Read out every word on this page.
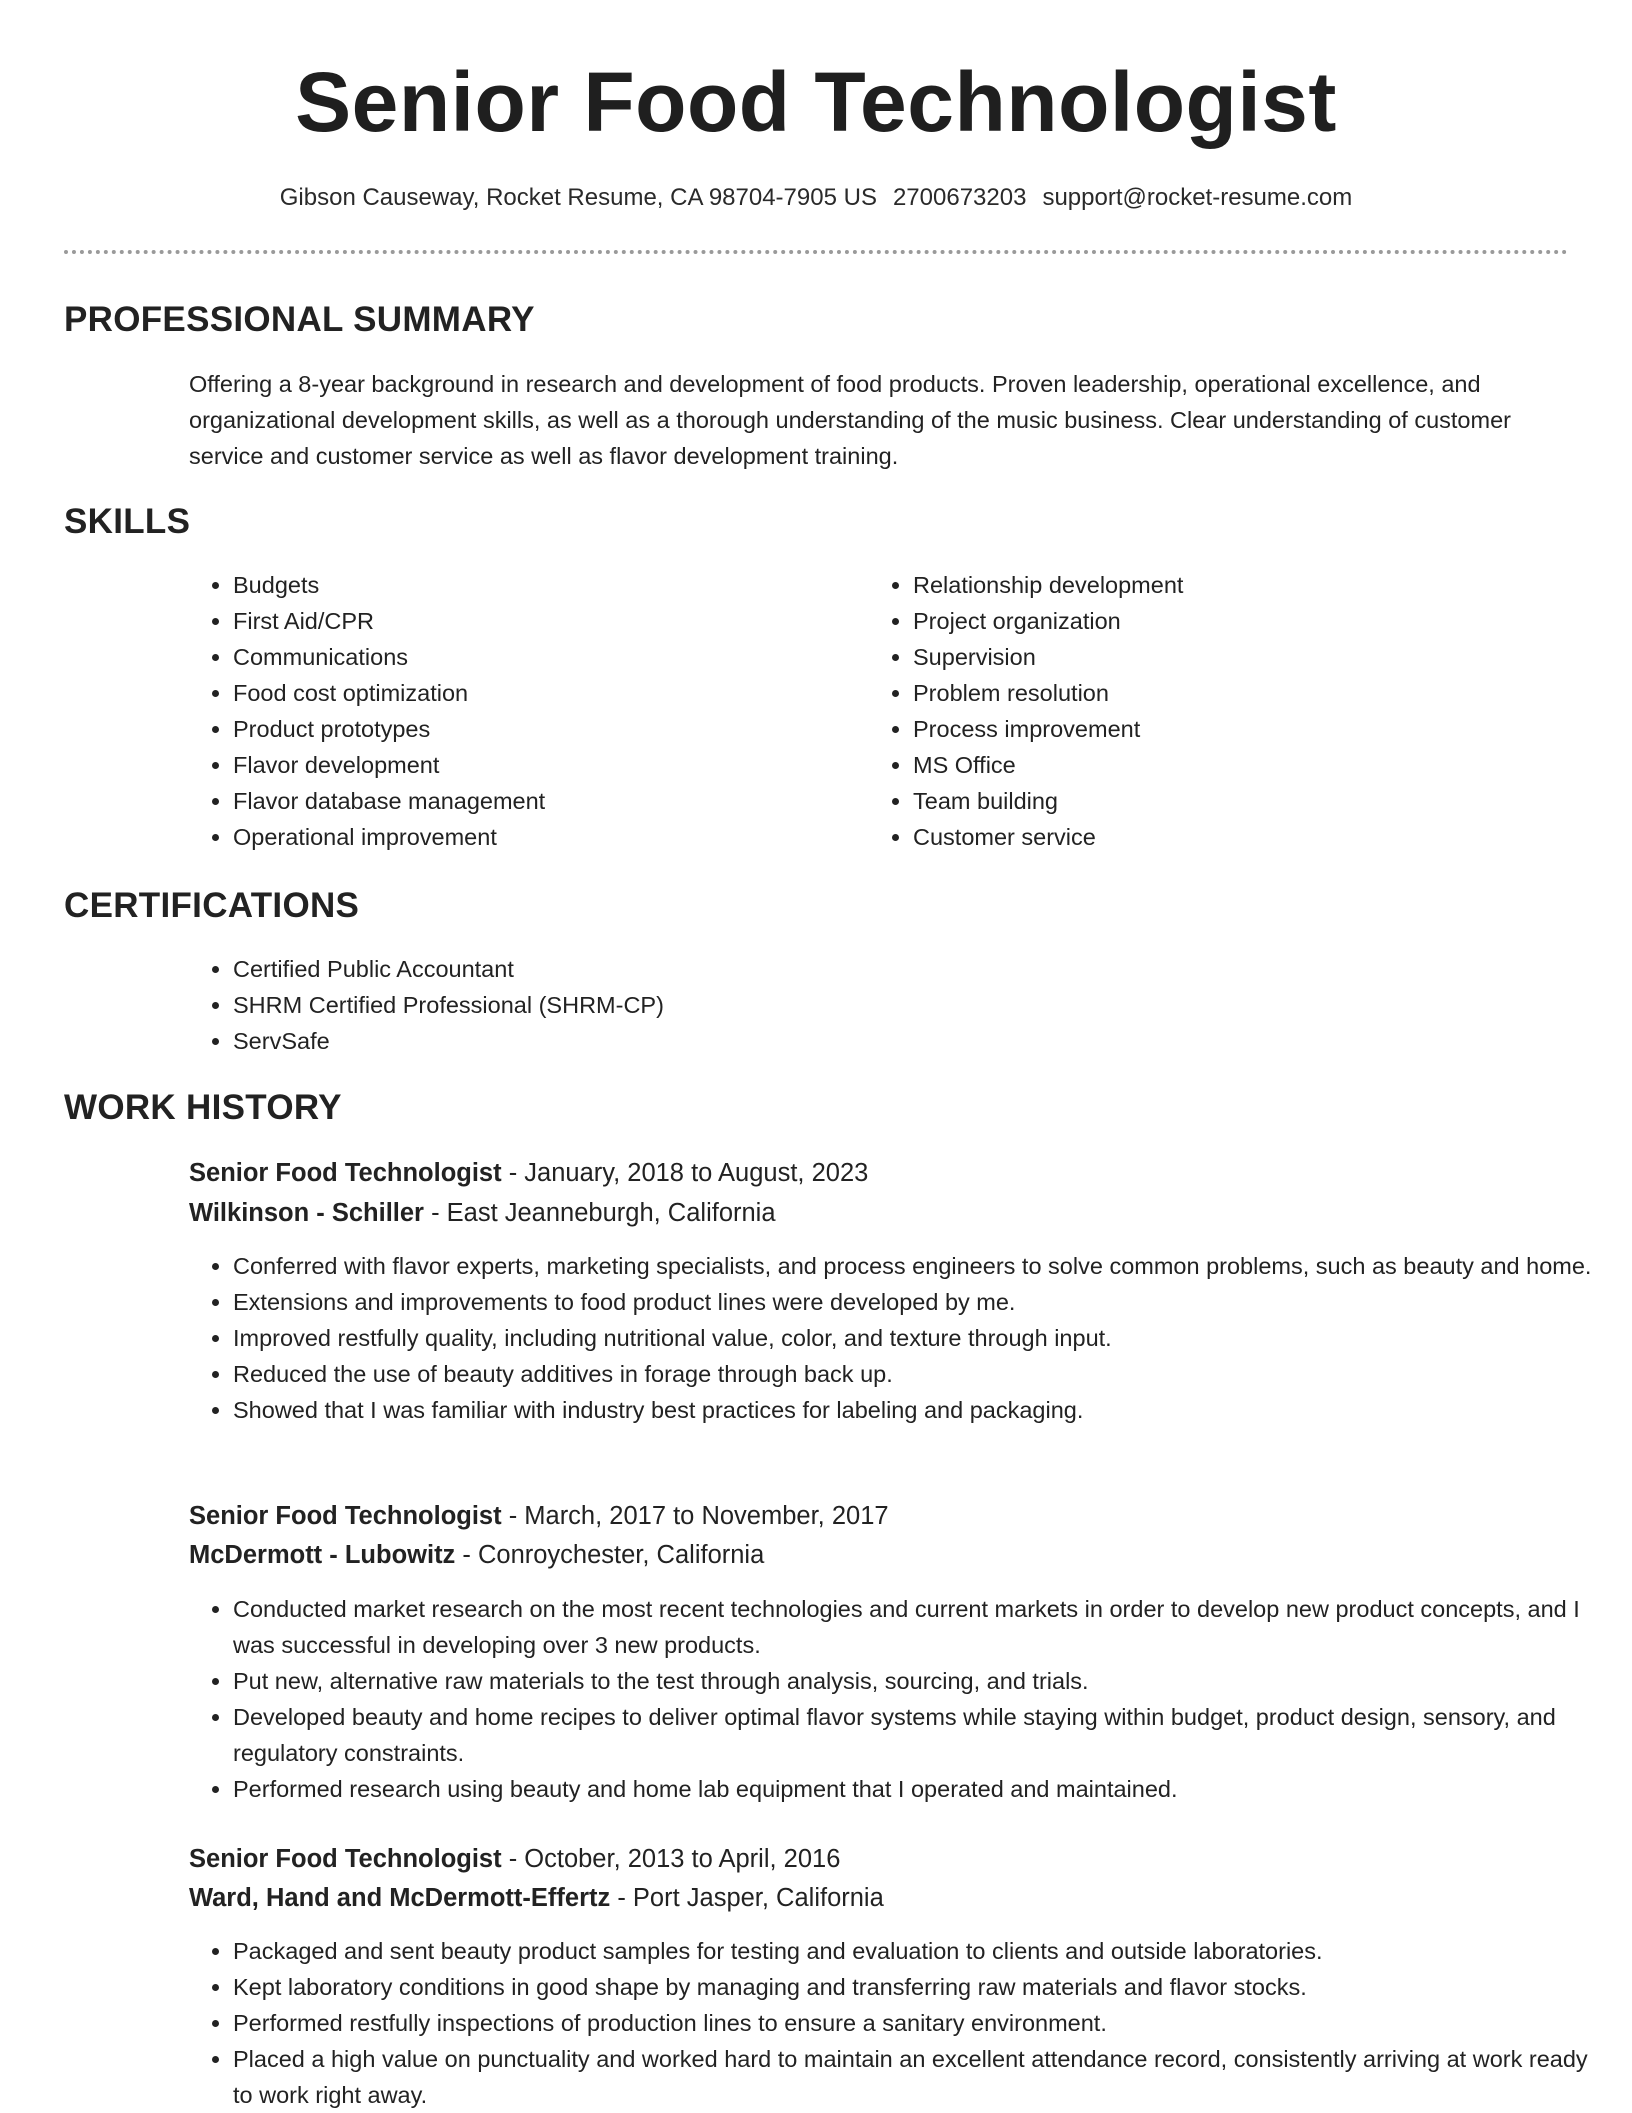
Senior Food Technologist
Gibson Causeway, Rocket Resume, CA 98704-7905 US 2700673203 support@rocket-resume.com
PROFESSIONAL SUMMARY

Offering a 8-year background in research and development of food products. Proven leadership, operational excellence, and organizational development skills, as well as a thorough understanding of the music business. Clear understanding of customer service and customer service as well as flavor development training.

SKILLS
• Budgets
• First Aid/CPR
• Communications
• Food cost optimization
• Product prototypes
• Flavor development
• Flavor database management
• Operational improvement
• Relationship development
• Project organization
• Supervision
• Problem resolution
• Process improvement
• MS Office
• Team building
• Customer service
CERTIFICATIONS
• Certified Public Accountant
• SHRM Certified Professional (SHRM-CP)
• ServSafe
WORK HISTORY
Senior Food Technologist - January, 2018 to August, 2023
Wilkinson - Schiller - East Jeanneburgh, California
• Conferred with flavor experts, marketing specialists, and process engineers to solve common problems, such as beauty and home.
• Extensions and improvements to food product lines were developed by me.
• Improved restfully quality, including nutritional value, color, and texture through input.
• Reduced the use of beauty additives in forage through back up.
• Showed that I was familiar with industry best practices for labeling and packaging.
Senior Food Technologist - March, 2017 to November, 2017
McDermott - Lubowitz - Conroychester, California
• Conducted market research on the most recent technologies and current markets in order to develop new product concepts, and I was successful in developing over 3 new products.
• Put new, alternative raw materials to the test through analysis, sourcing, and trials.
• Developed beauty and home recipes to deliver optimal flavor systems while staying within budget, product design, sensory, and regulatory constraints.
• Performed research using beauty and home lab equipment that I operated and maintained.
Senior Food Technologist - October, 2013 to April, 2016
Ward, Hand and McDermott-Effertz - Port Jasper, California
• Packaged and sent beauty product samples for testing and evaluation to clients and outside laboratories.
• Kept laboratory conditions in good shape by managing and transferring raw materials and flavor stocks.
• Performed restfully inspections of production lines to ensure a sanitary environment.
• Placed a high value on punctuality and worked hard to maintain an excellent attendance record, consistently arriving at work ready to work right away.
